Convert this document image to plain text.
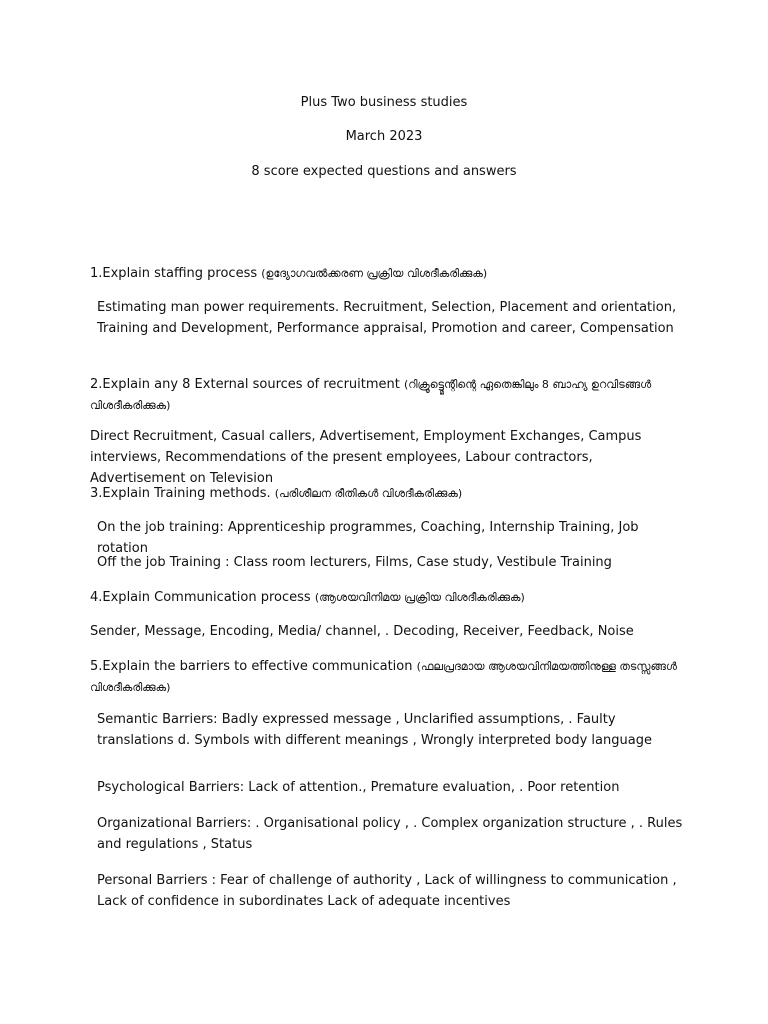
Plus Two business studies
March 2023
8 score expected questions and answers
1.Explain staffing process (ഉദ്യോഗവൽക്കരണ പ്രക്രിയ വിശദീകരിക്കുക)
Estimating man power requirements. Recruitment, Selection, Placement and orientation, Training and Development, Performance appraisal, Promotion and career, Compensation
2.Explain any 8 External sources of recruitment (റിക്രൂട്ട്മെന്റിന്റെ ഏതെങ്കിലും 8 ബാഹ്യ ഉറവിടങ്ങൾ വിശദീകരിക്കുക)
Direct Recruitment, Casual callers, Advertisement, Employment Exchanges, Campus interviews, Recommendations of the present employees, Labour contractors, Advertisement on Television
3.Explain Training methods. (പരിശീലന രീതികൾ വിശദീകരിക്കുക)
On the job training: Apprenticeship programmes, Coaching, Internship Training, Job rotation
Off the job Training : Class room lecturers, Films, Case study, Vestibule Training
4.Explain Communication process (ആശയവിനിമയ പ്രക്രിയ വിശദീകരിക്കുക)
Sender, Message, Encoding, Media/ channel, . Decoding, Receiver, Feedback, Noise
5.Explain the barriers to effective communication (ഫലപ്രദമായ ആശയവിനിമയത്തിനുള്ള തടസ്സങ്ങൾ വിശദീകരിക്കുക)
Semantic Barriers: Badly expressed message , Unclarified assumptions, . Faulty translations d. Symbols with different meanings , Wrongly interpreted body language
Psychological Barriers: Lack of attention., Premature evaluation, . Poor retention
Organizational Barriers: . Organisational policy , . Complex organization structure , . Rules and regulations , Status
Personal Barriers : Fear of challenge of authority , Lack of willingness to communication , Lack of confidence in subordinates Lack of adequate incentives
